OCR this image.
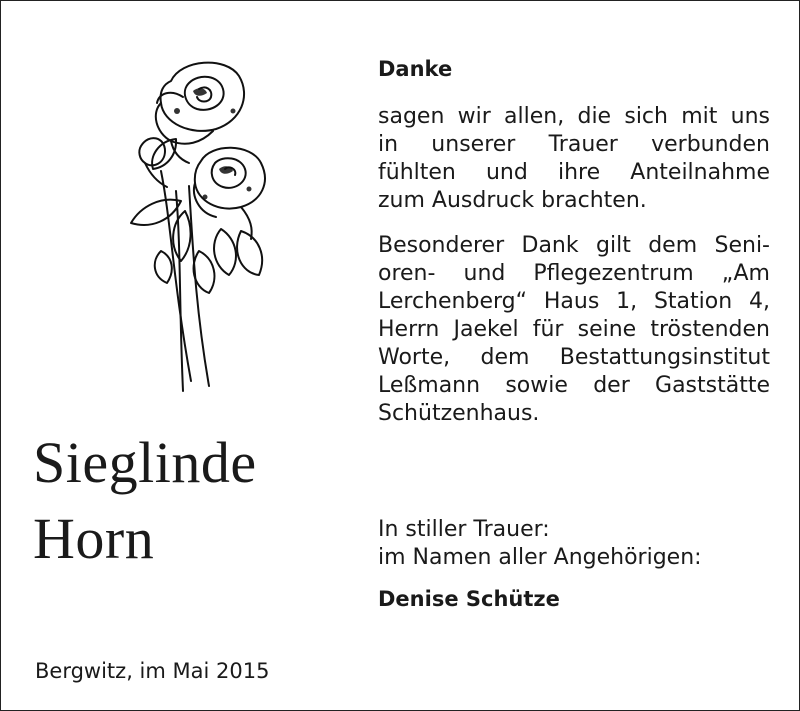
Sieglinde
Horn
Bergwitz, im Mai 2015
Danke
sagen wir allen, die sich mit uns
in unserer Trauer verbunden
fühlten und ihre Anteilnahme
zum Ausdruck brachten.
Besonderer Dank gilt dem Seni-
oren- und Pflegezentrum „Am
Lerchenberg“ Haus 1, Station 4,
Herrn Jaekel für seine tröstenden
Worte, dem Bestattungsinstitut
Leßmann sowie der Gaststätte
Schützenhaus.
In stiller Trauer:
im Namen aller Angehörigen:
Denise Schütze
